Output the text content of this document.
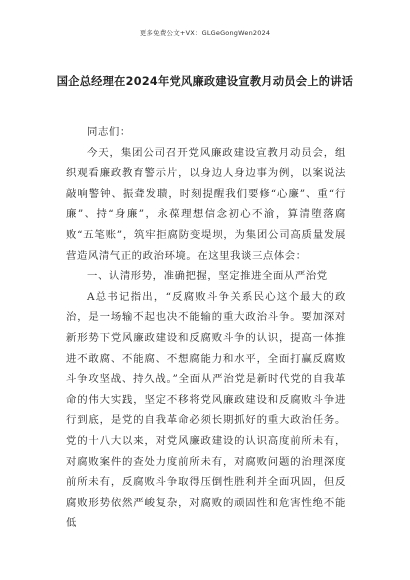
更多免费公文+VX：GLGeGongWen2024
国企总经理在2024年党风廉政建设宣教月动员会上的讲话

同志们：

今天，集团公司召开党风廉政建设宣教月动员会，组织观看廉政教育警示片，以身边人身边事为例，以案说法敲响警钟、振聋发聩，时刻提醒我们要修“心廉”、重“行廉”、持“身廉”，永葆理想信念初心不渝，算清堕落腐败“五笔账”，筑牢拒腐防变堤坝，为集团公司高质量发展营造风清气正的政治环境。在这里我谈三点体会：

一、认清形势，准确把握，坚定推进全面从严治党

A总书记指出，“反腐败斗争关系民心这个最大的政治，是一场输不起也决不能输的重大政治斗争。要加深对新形势下党风廉政建设和反腐败斗争的认识，提高一体推进不敢腐、不能腐、不想腐能力和水平，全面打赢反腐败斗争攻坚战、持久战。”全面从严治党是新时代党的自我革命的伟大实践，坚定不移将党风廉政建设和反腐败斗争进行到底，是党的自我革命必须长期抓好的重大政治任务。党的十八大以来，对党风廉政建设的认识高度前所未有，对腐败案件的查处力度前所未有，对腐败问题的治理深度前所未有，反腐败斗争取得压倒性胜利并全面巩固，但反腐败形势依然严峻复杂，对腐败的顽固性和危害性绝不能低
